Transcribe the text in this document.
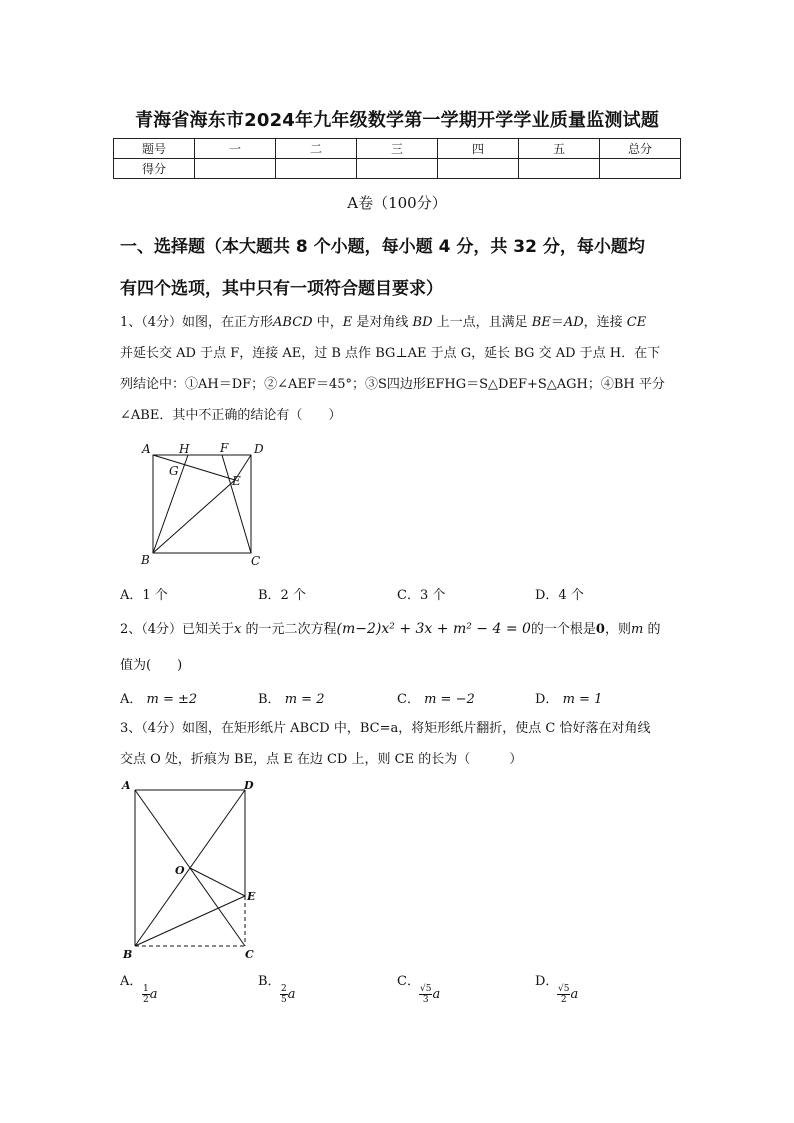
青海省海东市2024年九年级数学第一学期开学学业质量监测试题
题号	一	二	三	四	五	总分
得分						
A卷（100分）
一、选择题（本大题共 8 个小题，每小题 4 分，共 32 分，每小题均
有四个选项，其中只有一项符合题目要求）
1、（4分）如图，在正方形ABCD 中，E 是对角线 BD 上一点，且满足 BE＝AD，连接 CE
并延长交 AD 于点 F，连接 AE，过 B 点作 BG⊥AE 于点 G，延长 BG 交 AD 于点 H．在下
列结论中：①AH＝DF；②∠AEF＝45°；③S四边形EFHG＝S△DEF+S△AGH；④BH 平分
∠ABE．其中不正确的结论有（　　）
A H	F D
G
E
B	C
A．1 个	B．2 个	C．3 个	D．4 个
2、（4分）已知关于x 的一元二次方程(m−2)x² + 3x + m² − 4 = 0的一个根是0，则m 的
值为(　　)
A． m = ±2	B． m = 2	C． m = −2	D． m = 1
3、（4分）如图，在矩形纸片 ABCD 中，BC=a，将矩形纸片翻折，使点 C 恰好落在对角线
交点 O 处，折痕为 BE，点 E 在边 CD 上，则 CE 的长为（　　　）
A	D
O
E
B	C
A．
$\frac{1}{2}$ a
B．
$\frac{2}{5}$ a
C．
$\frac{√5}{3}$ a
D．
$\frac{√5}{2}$ a
